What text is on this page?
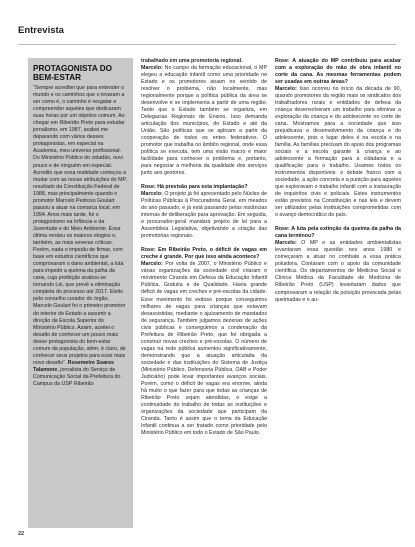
Entrevista
PROTAGONISTA DO BEM-ESTAR
“Sempre acreditei que para entender o mundo e os caminhos que o levaram a ser como é, o caminho é resgatar e compreender aqueles que dedicaram suas horas por um objetivo comum. Ao chegar em Ribeirão Preto para estudar jornalismo, em 1987, acabei me deparando com vários desses protagonistas, em especial na Academia, meu universo profissional. Do Ministério Público do cidadão, ouvi pouco e de ninguém em especial. Acredito que essa realidade começou a mudar com as novas atribuições do MP, resultado da Constituição Federal de 1988, mas principalmente quando o promotor Marcelo Pedroso Goulart passou a atuar na comarca local, em 1994. Anos mais tarde, foi o protagonismo na Infância e da Juventude e do Meio Ambiente. Essa última rendeu os maiores elogios e, também, as mais severas críticas. Porém, nada o impediu de firmar, com base em estudos científicos que comprovaram o dano ambiental, a luta para impedir a queima da palha da cana, cuja proibição acabou se tornando Lei, que prevê a eliminação completa do processo até 2017. Eleito pelo conselho curador do órgão, Marcelo Goulart foi o primeiro promotor do interior do Estado a assumir a direção da Escola Superior do Ministério Público. Assim, aceitei o desafio de conhecer um pouco mais desse protagonista do bem-estar comum da população, além, é claro, de conhecer seus projetos para esse mais novo desafio”. Rosemeire Soares Talamone, jornalista do Serviço de Comunicação Social da Prefeitura do Campus da USP Ribeirão

trabalhado em uma promotoria regional.

Marcelo: No campo da formação educacional, o MP elegeu a educação infantil como uma prioridade no Estado e os promotores atuam no sentido de resolver o problema, não localmente, mas regionalmente porque a política pública da área se desenvolve e se implementa a partir de uma região. Tanto que o Estado também se organiza, em Delegacias Regionais de Ensino. Isso demanda articulação dos municípios, do Estado e até da União. São políticas que se aplicam a partir da cooperação de todos os entes federativos. O promotor que trabalha no âmbito regional, onde essa política se executa, tem uma visão macro e maior facilidade para conhecer o problema e, portanto, para negociar a melhoria da qualidade dos serviços junto aos gestores.

Rose: Há previsão para esta implantação?

Marcelo: O projeto já foi apresentado pelo Núcleo de Políticas Públicas à Procuradoria Geral, em meados do ano passado, e já está passando pelas instâncias internas de deliberação para aprovação. Em seguida, o procurador-geral mandará projeto de lei para a Assembleia Legislativa, objetivando a criação das promotorias regionais.

Rose: Em Ribeirão Preto, o déficit de vagas em creche é grande. Por que isso ainda acontece?

Marcelo: Por volta de 2007, o Ministério Público e várias organizações da sociedade civil criaram o movimento Ciranda em Defesa da Educação Infantil Pública, Gratuita e de Qualidade. Havia grande déficit de vagas em creches e pré-escolas da cidade. Esse movimento foi exitoso porque conseguimos milhares de vagas para crianças que estavam desassistidas, mediante o ajuizamento de mandados de segurança. Também julgamos dezenas de ações civis públicas e conseguimos a condenação da Prefeitura de Ribeirão Preto, que foi obrigada a construir novas creches e pré-escolas. O número de vagas na rede pública aumentou significativamente, demonstrando que a atuação articulada da sociedade e das instituições do Sistema de Justiça (Ministério Público, Defensoria Pública, OAB e Poder Judiciário) pode levar importantes avanços sociais. Porém, como o déficit de vagas era enorme, ainda há muito o que fazer para que todas as crianças de Ribeirão Preto sejam atendidas, o exige a continuidade do trabalho de todas as instituições e organizações da sociedade que participam da Ciranda. Tanto é assim que o tema da Educação Infantil continua a ser tratado como prioridade pelo Ministério Público em todo o Estado de São Paulo.

Rose: A atuação do MP contribuiu para acabar com a exploração do mão de obra infantil no corte da cana. As mesmas ferramentas podem ser usadas em outras áreas?

Marcelo: Isso ocorreu no início da década de 90, quando promotores da região mais os sindicatos dos trabalhadores rurais e entidades de defesa da criança desenvolveram um trabalho para eliminar a exploração da criança e do adolescente no corte de cana. Mostramos para a sociedade que isso prejudicava o desenvolvimento da criança e do adolescente, pois o lugar deles é na escola e na família. As famílias precisam do apoio dos programas sociais e a escola garante à criança e ao adolescente a formação para a cidadania e a qualificação para o trabalho. Usamos todos os instrumentos disponíveis: o debate franco com a sociedade, a ação concreta e a punição para aqueles que exploravam o trabalho infantil com a instauração de inquéritos civis e policiais. Estes instrumentos estão previstos na Constituição e nas leis e devem ser utilizados pelas instituições comprometidas com o avanço democrático do país.

Rose: A luta pela extinção da queima da palha da cana terminou?

Marcelo: O MP e as entidades ambientalistas levantaram essa questão nos anos 1980 e começaram a atuar no combate a essa prática poluidora. Contaram com o apoio da comunidade científica. Os departamentos de Medicina Social e Clínica Médica da Faculdade de Medicina de Ribeirão Preto (USP) levantaram dados que comprovaram a relação da poluição provocada pelas queimadas e o au-

22
